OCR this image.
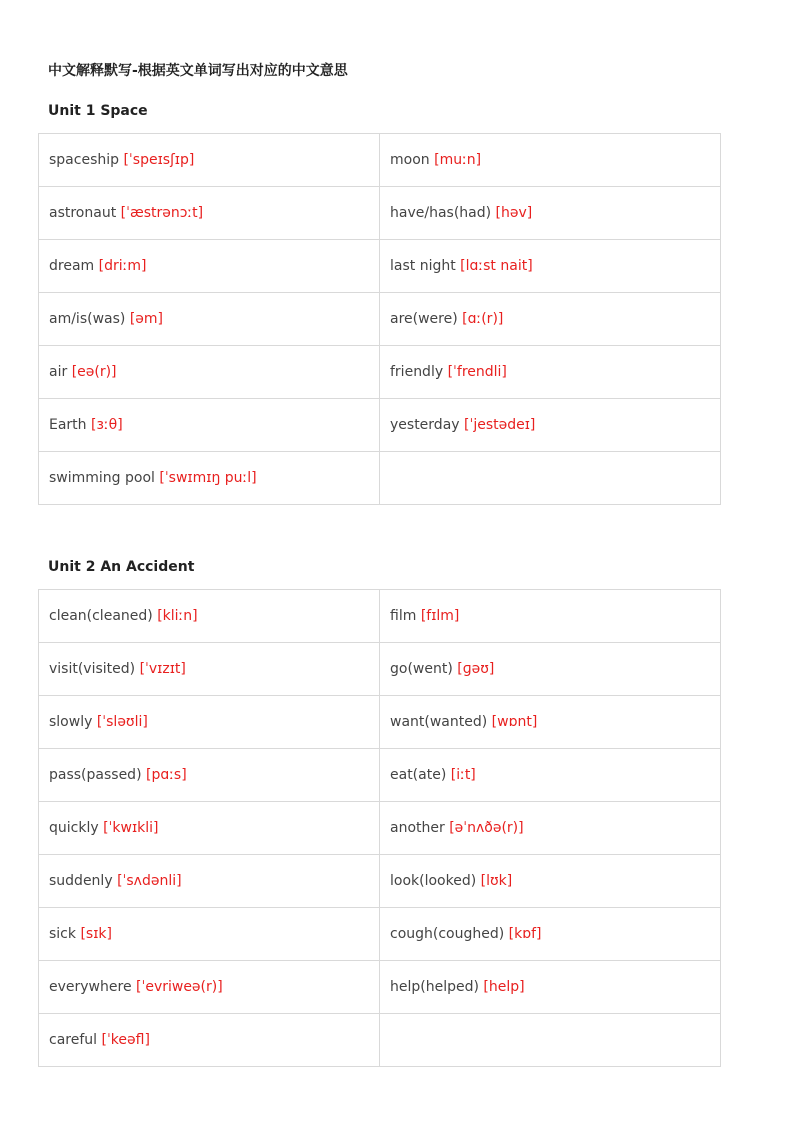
中文解释默写-根据英文单词写出对应的中文意思
Unit 1 Space
spaceship [ˈspeɪsʃɪp]	moon [muːn]
astronaut [ˈæstrənɔːt]	have/has(had) [həv]
dream [driːm]	last night [lɑːst nait]
am/is(was) [əm]	are(were) [ɑː(r)]
air [eə(r)]	friendly [ˈfrendli]
Earth [ɜːθ]	yesterday [ˈjestədeɪ]
swimming pool [ˈswɪmɪŋ puːl]	
Unit 2 An Accident
clean(cleaned) [kliːn]	film [fɪlm]
visit(visited) [ˈvɪzɪt]	go(went) [ɡəʊ]
slowly [ˈsləʊli]	want(wanted) [wɒnt]
pass(passed) [pɑːs]	eat(ate) [iːt]
quickly [ˈkwɪkli]	another [əˈnʌðə(r)]
suddenly [ˈsʌdənli]	look(looked) [lʊk]
sick [sɪk]	cough(coughed) [kɒf]
everywhere [ˈevriweə(r)]	help(helped) [help]
careful [ˈkeəfl]	
